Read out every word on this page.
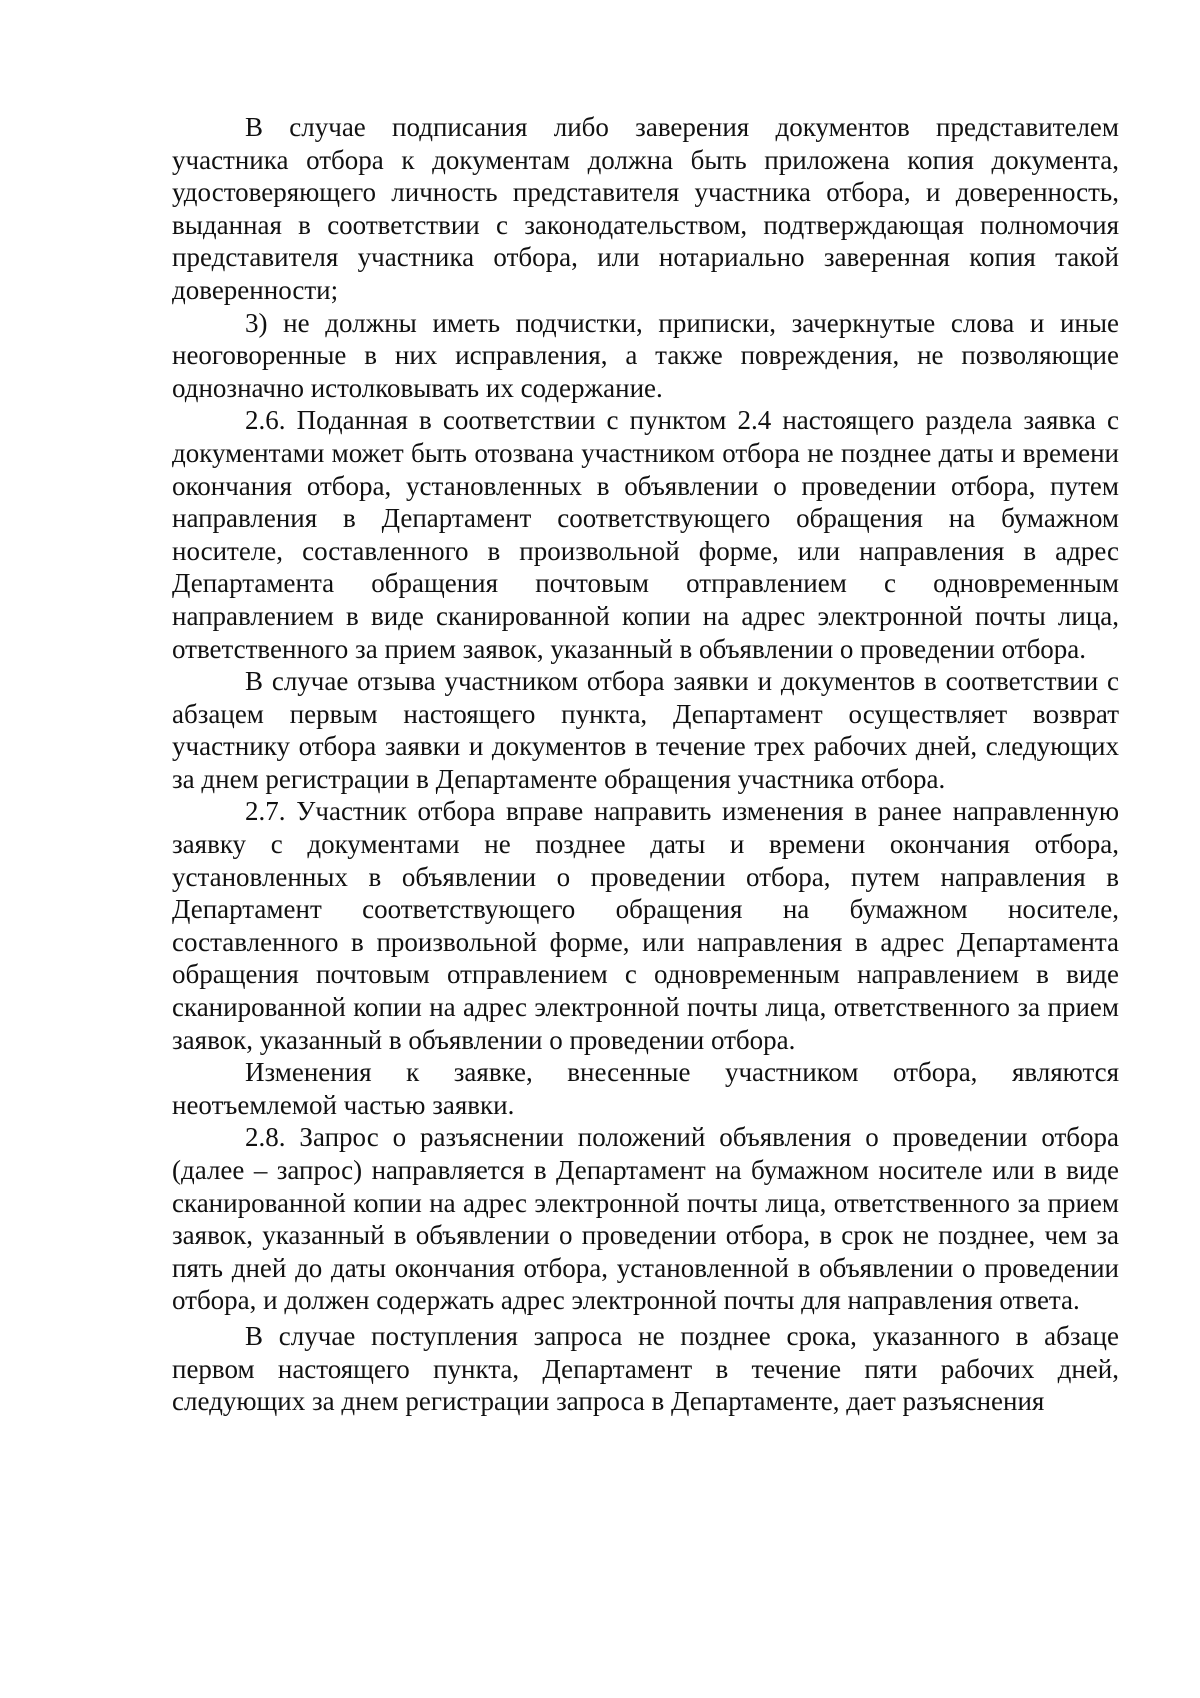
В случае подписания либо заверения документов представителем участника отбора к документам должна быть приложена копия документа, удостоверяющего личность представителя участника отбора, и доверенность, выданная в соответствии с законодательством, подтверждающая полномочия представителя участника отбора, или нотариально заверенная копия такой доверенности;

3) не должны иметь подчистки, приписки, зачеркнутые слова и иные неоговоренные в них исправления, а также повреждения, не позволяющие однозначно истолковывать их содержание.

2.6. Поданная в соответствии с пунктом 2.4 настоящего раздела заявка с документами может быть отозвана участником отбора не позднее даты и времени окончания отбора, установленных в объявлении о проведении отбора, путем направления в Департамент соответствующего обращения на бумажном носителе, составленного в произвольной форме, или направления в адрес Департамента обращения почтовым отправлением с одновременным направлением в виде сканированной копии на адрес электронной почты лица, ответственного за прием заявок, указанный в объявлении о проведении отбора.

В случае отзыва участником отбора заявки и документов в соответствии с абзацем первым настоящего пункта, Департамент осуществляет возврат участнику отбора заявки и документов в течение трех рабочих дней, следующих за днем регистрации в Департаменте обращения участника отбора.

2.7. Участник отбора вправе направить изменения в ранее направленную заявку с документами не позднее даты и времени окончания отбора, установленных в объявлении о проведении отбора, путем направления в Департамент соответствующего обращения на бумажном носителе, составленного в произвольной форме, или направления в адрес Департамента обращения почтовым отправлением с одновременным направлением в виде сканированной копии на адрес электронной почты лица, ответственного за прием заявок, указанный в объявлении о проведении отбора.

Изменения к заявке, внесенные участником отбора, являются неотъемлемой частью заявки.

2.8. Запрос о разъяснении положений объявления о проведении отбора (далее – запрос) направляется в Департамент на бумажном носителе или в виде сканированной копии на адрес электронной почты лица, ответственного за прием заявок, указанный в объявлении о проведении отбора, в срок не позднее, чем за пять дней до даты окончания отбора, установленной в объявлении о проведении отбора, и должен содержать адрес электронной почты для направления ответа.

В случае поступления запроса не позднее срока, указанного в абзаце первом настоящего пункта, Департамент в течение пяти рабочих дней, следующих за днем регистрации запроса в Департаменте, дает разъяснения
